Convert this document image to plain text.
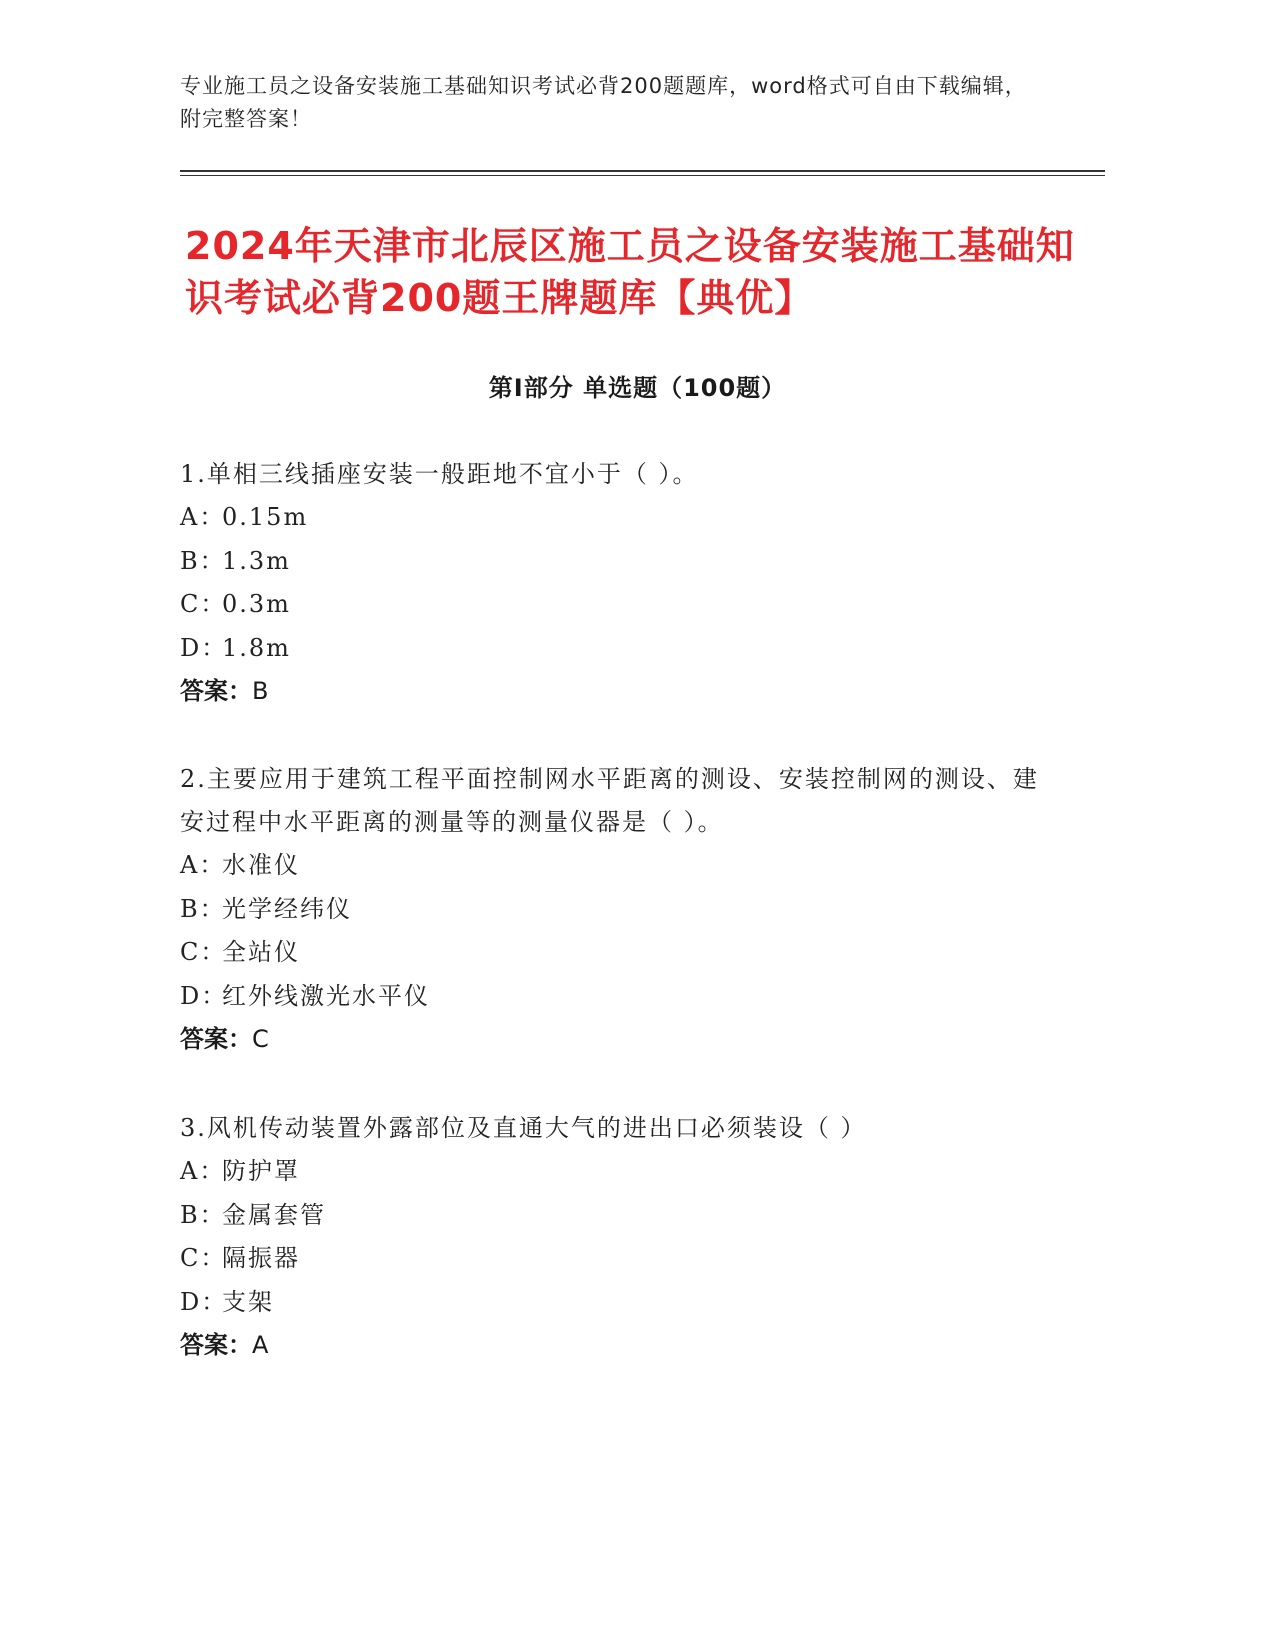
专业施工员之设备安装施工基础知识考试必背200题题库，word格式可自由下载编辑，附完整答案！
2024年天津市北辰区施工员之设备安装施工基础知识考试必背200题王牌题库【典优】
第Ⅰ部分 单选题（100题）
1.单相三线插座安装一般距地不宜小于（ ）。
A：
0.15m
B：
1.3m
C：
0.3m
D：
1.8m
答案：B
2.主要应用于建筑工程平面控制网水平距离的测设、安装控制网的测设、建安过程中水平距离的测量等的测量仪器是（ ）。
A：
水准仪
B：
光学经纬仪
C：
全站仪
D：
红外线激光水平仪
答案：C
3.风机传动装置外露部位及直通大气的进出口必须装设（ ）
A：
防护罩
B：
金属套管
C：
隔振器
D：
支架
答案：A
